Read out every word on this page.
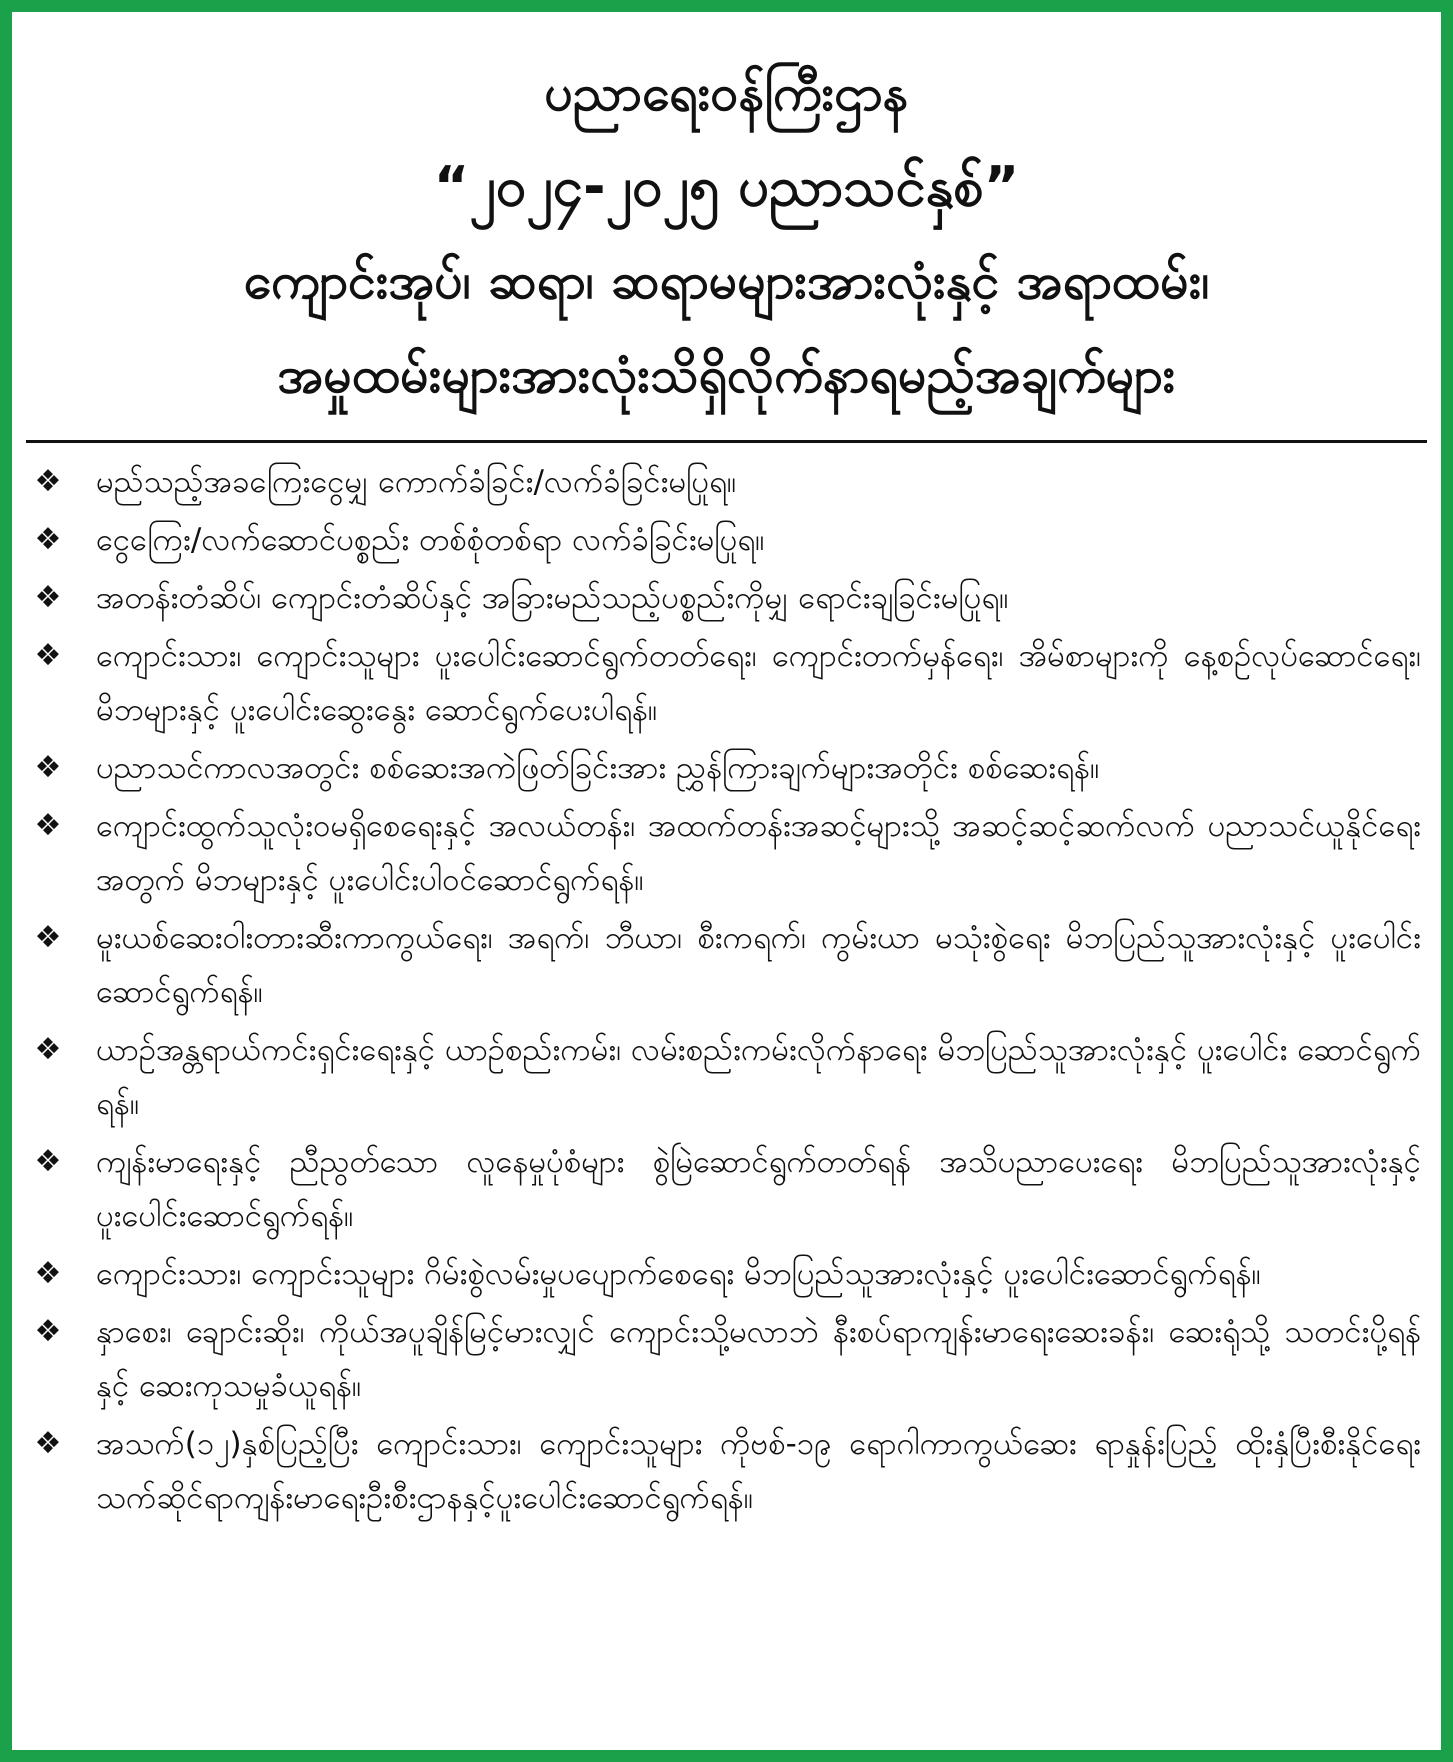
ပညာရေးဝန်ကြီးဌာန
“၂၀၂၄-၂၀၂၅ ပညာသင်နှစ်”
ကျောင်းအုပ်၊ ဆရာ၊ ဆရာမများအားလုံးနှင့် အရာထမ်း၊
အမှုထမ်းများအားလုံးသိရှိလိုက်နာရမည့်အချက်များ
❖ မည်သည့်အခကြေးငွေမျှ ကောက်ခံခြင်း/လက်ခံခြင်းမပြုရ။
❖ ငွေကြေး/လက်ဆောင်ပစ္စည်း တစ်စုံတစ်ရာ လက်ခံခြင်းမပြုရ။
❖ အတန်းတံဆိပ်၊ ကျောင်းတံဆိပ်နှင့် အခြားမည်သည့်ပစ္စည်းကိုမျှ ရောင်းချခြင်းမပြုရ။
❖ ကျောင်းသား၊ ကျောင်းသူများ ပူးပေါင်းဆောင်ရွက်တတ်ရေး၊ ကျောင်းတက်မှန်ရေး၊ အိမ်စာများကို နေ့စဉ်လုပ်ဆောင်ရေး၊ မိဘများနှင့် ပူးပေါင်းဆွေးနွေး ဆောင်ရွက်ပေးပါရန်။
❖ ပညာသင်ကာလအတွင်း စစ်ဆေးအကဲဖြတ်ခြင်းအား ညွှန်ကြားချက်များအတိုင်း စစ်ဆေးရန်။
❖ ကျောင်းထွက်သူလုံးဝမရှိစေရေးနှင့် အလယ်တန်း၊ အထက်တန်းအဆင့်များသို့ အဆင့်ဆင့်ဆက်လက် ပညာသင်ယူနိုင်ရေး အတွက် မိဘများနှင့် ပူးပေါင်းပါဝင်ဆောင်ရွက်ရန်။
❖ မူးယစ်ဆေးဝါးတားဆီးကာကွယ်ရေး၊ အရက်၊ ဘီယာ၊ စီးကရက်၊ ကွမ်းယာ မသုံးစွဲရေး မိဘပြည်သူအားလုံးနှင့် ပူးပေါင်း ဆောင်ရွက်ရန်။
❖ ယာဉ်အန္တရာယ်ကင်းရှင်းရေးနှင့် ယာဉ်စည်းကမ်း၊ လမ်းစည်းကမ်းလိုက်နာရေး မိဘပြည်သူအားလုံးနှင့် ပူးပေါင်း ဆောင်ရွက်ရန်။
❖ ကျန်းမာရေးနှင့် ညီညွတ်သော လူနေမှုပုံစံများ စွဲမြဲဆောင်ရွက်တတ်ရန် အသိပညာပေးရေး မိဘပြည်သူအားလုံးနှင့် ပူးပေါင်းဆောင်ရွက်ရန်။
❖ ကျောင်းသား၊ ကျောင်းသူများ ဂိမ်းစွဲလမ်းမှုပပျောက်စေရေး မိဘပြည်သူအားလုံးနှင့် ပူးပေါင်းဆောင်ရွက်ရန်။
❖ နှာစေး၊ ချောင်းဆိုး၊ ကိုယ်အပူချိန်မြင့်မားလျှင် ကျောင်းသို့မလာဘဲ နီးစပ်ရာကျန်းမာရေးဆေးခန်း၊ ဆေးရုံသို့ သတင်းပို့ရန် နှင့် ဆေးကုသမှုခံယူရန်။
❖ အသက်(၁၂)နှစ်ပြည့်ပြီး ကျောင်းသား၊ ကျောင်းသူများ ကိုဗစ်-၁၉ ရောဂါကာကွယ်ဆေး ရာနှုန်းပြည့် ထိုးနှံပြီးစီးနိုင်ရေး သက်ဆိုင်ရာကျန်းမာရေးဦးစီးဌာနနှင့်ပူးပေါင်းဆောင်ရွက်ရန်။
